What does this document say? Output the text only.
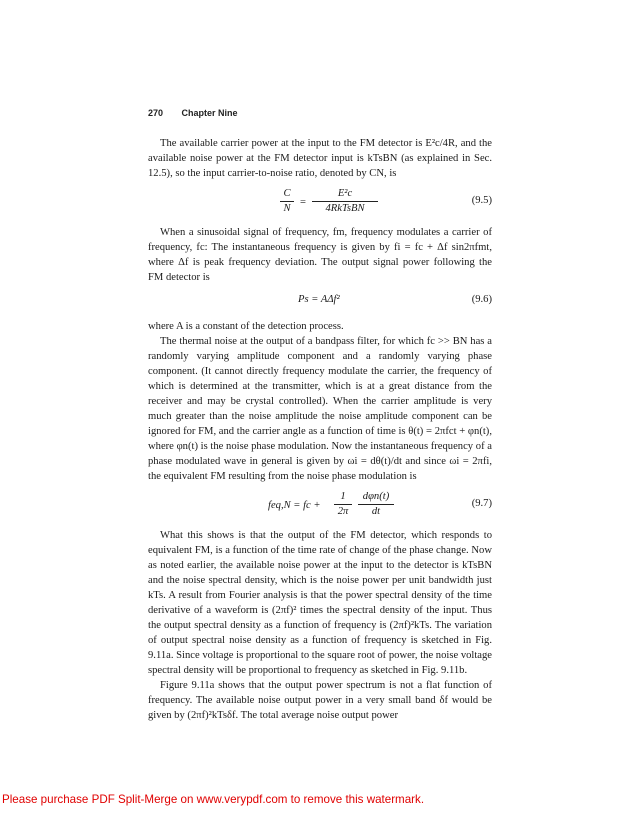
270 Chapter Nine

The available carrier power at the input to the FM detector is E²c/4R, and the available noise power at the FM detector input is kTsBN (as explained in Sec. 12.5), so the input carrier-to-noise ratio, denoted by CN, is

$\frac{C}{N}$ =
E²c
4RkTsBN
(9.5)

When a sinusoidal signal of frequency, fm, frequency modulates a carrier of frequency, fc: The instantaneous frequency is given by fi = fc + Δf sin2πfmt, where Δf is peak frequency deviation. The output signal power following the FM detector is

Ps = AΔf²	(9.6)

where A is a constant of the detection process.

The thermal noise at the output of a bandpass filter, for which fc >> BN has a randomly varying amplitude component and a randomly varying phase component. (It cannot directly frequency modulate the carrier, the frequency of which is determined at the transmitter, which is at a great distance from the receiver and may be crystal controlled). When the carrier amplitude is very much greater than the noise amplitude the noise amplitude component can be ignored for FM, and the carrier angle as a function of time is θ(t) = 2πfct + φn(t), where φn(t) is the noise phase modulation. Now the instantaneous frequency of a phase modulated wave in general is given by ωi = dθ(t)/dt and since ωi = 2πfi, the equivalent FM resulting from the noise phase modulation is

feq,N = fc + $\frac{1}{2\pi}$	dφn(t)
dt
(9.7)

What this shows is that the output of the FM detector, which responds to equivalent FM, is a function of the time rate of change of the phase change. Now as noted earlier, the available noise power at the input to the detector is kTsBN and the noise spectral density, which is the noise power per unit bandwidth just kTs. A result from Fourier analysis is that the power spectral density of the time derivative of a waveform is (2πf)² times the spectral density of the input. Thus the output spectral density as a function of frequency is (2πf)²kTs. The variation of output spectral noise density as a function of frequency is sketched in Fig. 9.11a. Since voltage is proportional to the square root of power, the noise voltage spectral density will be proportional to frequency as sketched in Fig. 9.11b.

Figure 9.11a shows that the output power spectrum is not a flat function of frequency. The available noise output power in a very small band δf would be given by (2πf)²kTsδf. The total average noise output power

Please purchase PDF Split-Merge on www.verypdf.com to remove this watermark.
